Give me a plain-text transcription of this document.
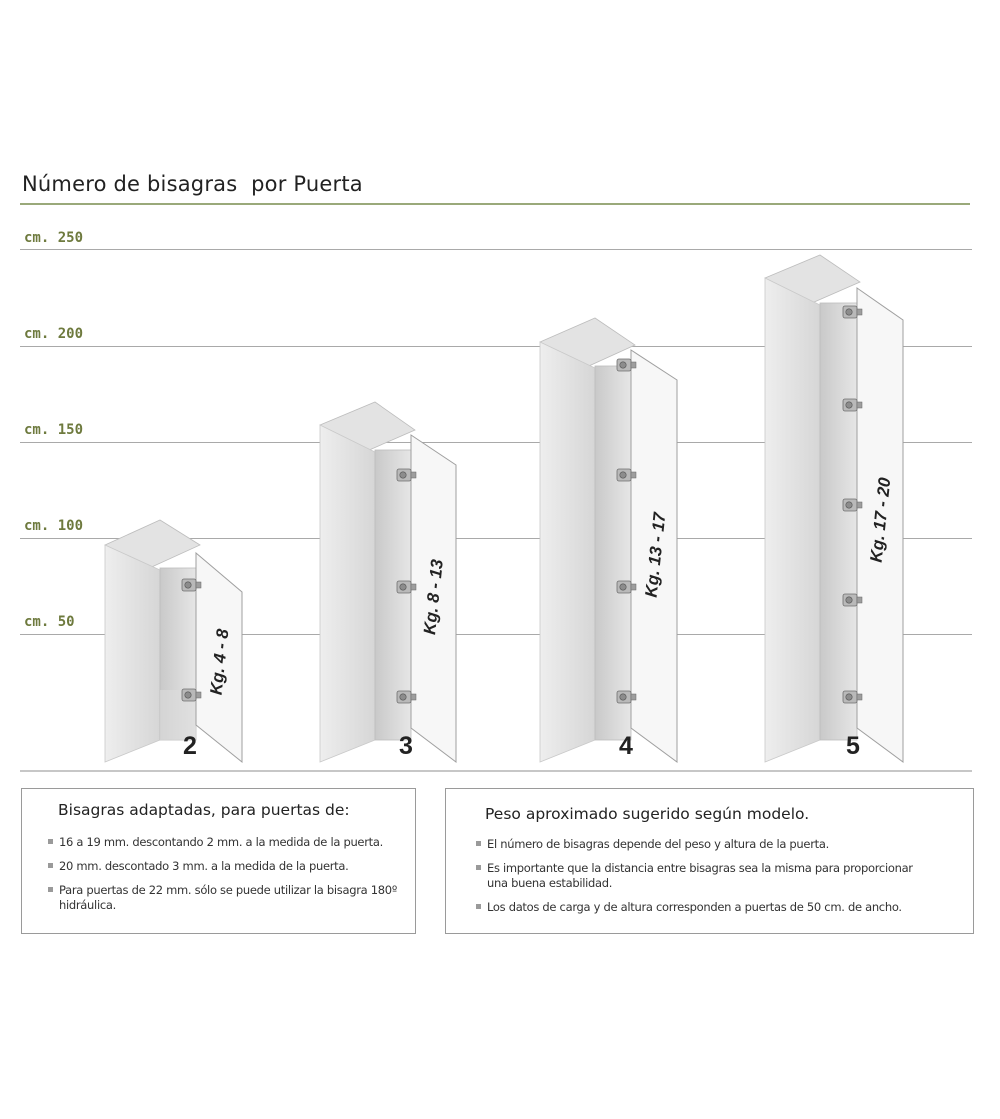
Número de bisagras  por Puerta
cm. 250
cm. 200
cm. 150
cm. 100
cm. 50
Kg. 4 - 8
Kg. 8 - 13	Kg. 13 - 17	Kg. 17 - 20
2	3	4	5
Bisagras adaptadas, para puertas de:
16 a 19 mm. descontando 2 mm. a la medida de la puerta.
20 mm. descontado 3 mm. a la medida de la puerta.
Para puertas de 22 mm. sólo se puede utilizar la bisagra 180º hidráulica.
Peso aproximado sugerido según modelo.
El número de bisagras depende del peso y altura de la puerta.
Es importante que la distancia entre bisagras sea la misma para proporcionar una buena estabilidad.
Los datos de carga y de altura corresponden a puertas de 50 cm. de ancho.
